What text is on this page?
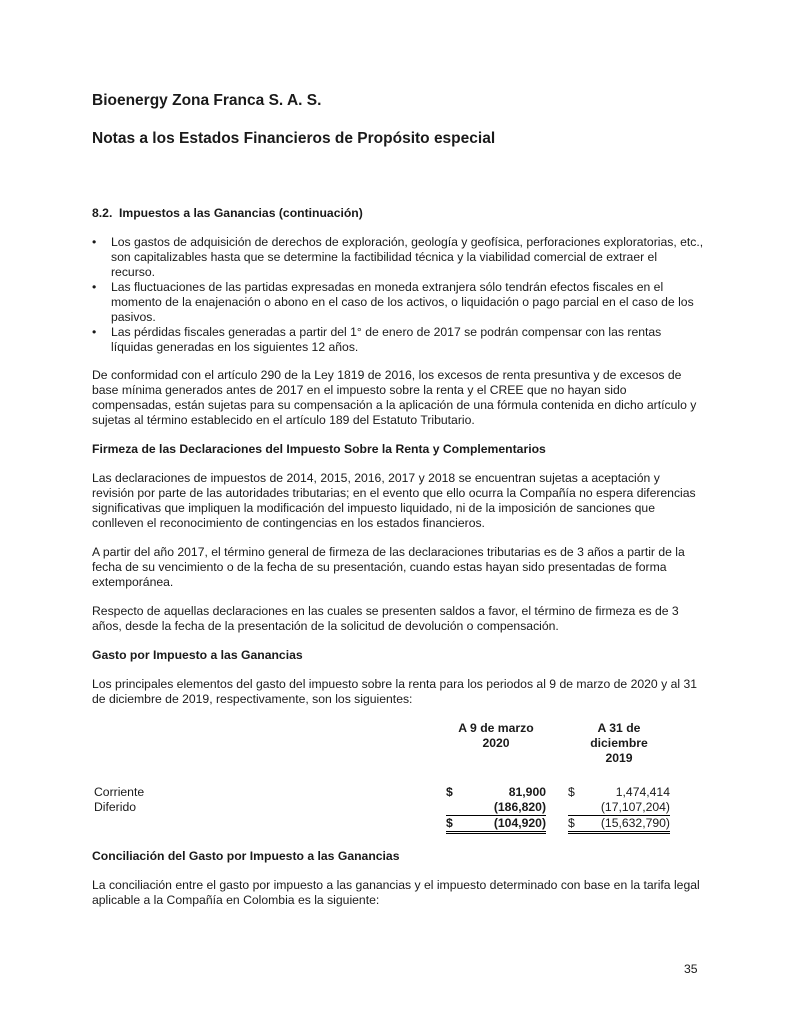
Bioenergy Zona Franca S. A. S.
Notas a los Estados Financieros de Propósito especial
8.2. Impuestos a las Ganancias (continuación)
•	Los gastos de adquisición de derechos de exploración, geología y geofísica, perforaciones exploratorias, etc., son capitalizables hasta que se determine la factibilidad técnica y la viabilidad comercial de extraer el recurso.
•	Las fluctuaciones de las partidas expresadas en moneda extranjera sólo tendrán efectos fiscales en el momento de la enajenación o abono en el caso de los activos, o liquidación o pago parcial en el caso de los pasivos.
•	Las pérdidas fiscales generadas a partir del 1° de enero de 2017 se podrán compensar con las rentas líquidas generadas en los siguientes 12 años.

De conformidad con el artículo 290 de la Ley 1819 de 2016, los excesos de renta presuntiva y de excesos de base mínima generados antes de 2017 en el impuesto sobre la renta y el CREE que no hayan sido compensadas, están sujetas para su compensación a la aplicación de una fórmula contenida en dicho artículo y sujetas al término establecido en el artículo 189 del Estatuto Tributario.

Firmeza de las Declaraciones del Impuesto Sobre la Renta y Complementarios

Las declaraciones de impuestos de 2014, 2015, 2016, 2017 y 2018 se encuentran sujetas a aceptación y revisión por parte de las autoridades tributarias; en el evento que ello ocurra la Compañía no espera diferencias significativas que impliquen la modificación del impuesto liquidado, ni de la imposición de sanciones que conlleven el reconocimiento de contingencias en los estados financieros.

A partir del año 2017, el término general de firmeza de las declaraciones tributarias es de 3 años a partir de la fecha de su vencimiento o de la fecha de su presentación, cuando estas hayan sido presentadas de forma extemporánea.

Respecto de aquellas declaraciones en las cuales se presenten saldos a favor, el término de firmeza es de 3 años, desde la fecha de la presentación de la solicitud de devolución o compensación.

Gasto por Impuesto a las Ganancias

Los principales elementos del gasto del impuesto sobre la renta para los periodos al 9 de marzo de 2020 y al 31 de diciembre de 2019, respectivamente, son los siguientes:

	A 9 de marzo
2020			A 31 de diciembre
2019	

Corriente	$	81,900		$	1,474,414
Diferido		(186,820)			(17,107,204)
	$	(104,920)		$	(15,632,790)
Conciliación del Gasto por Impuesto a las Ganancias

La conciliación entre el gasto por impuesto a las ganancias y el impuesto determinado con base en la tarifa legal aplicable a la Compañía en Colombia es la siguiente:

35
